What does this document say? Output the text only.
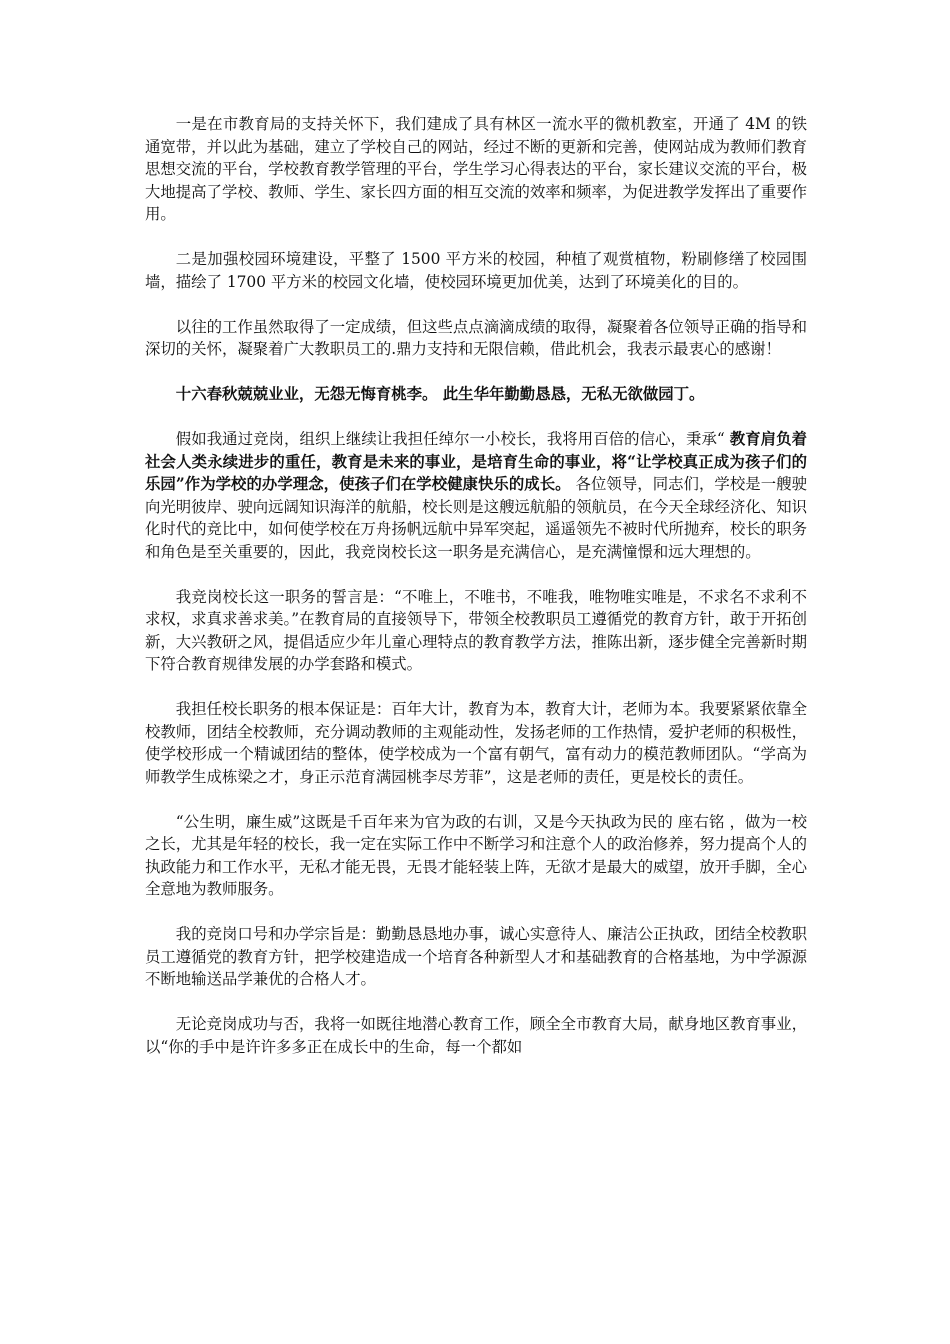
一是在市教育局的支持关怀下，我们建成了具有林区一流水平的微机教室，开通了 4M 的铁通宽带，并以此为基础，建立了学校自己的网站，经过不断的更新和完善，使网站成为教师们教育思想交流的平台，学校教育教学管理的平台，学生学习心得表达的平台，家长建议交流的平台，极大地提高了学校、教师、学生、家长四方面的相互交流的效率和频率，为促进教学发挥出了重要作用。

二是加强校园环境建设，平整了 1500 平方米的校园，种植了观赏植物，粉刷修缮了校园围墙，描绘了 1700 平方米的校园文化墙，使校园环境更加优美，达到了环境美化的目的。

以往的工作虽然取得了一定成绩，但这些点点滴滴成绩的取得，凝聚着各位领导正确的指导和深切的关怀，凝聚着广大教职员工的.鼎力支持和无限信赖，借此机会，我表示最衷心的感谢！

十六春秋兢兢业业，无怨无悔育桃李。 此生华年勤勤恳恳，无私无欲做园丁。

假如我通过竞岗，组织上继续让我担任绰尔一小校长，我将用百倍的信心，秉承“ 教育肩负着社会人类永续进步的重任，教育是未来的事业，是培育生命的事业，将“让学校真正成为孩子们的乐园”作为学校的办学理念，使孩子们在学校健康快乐的成长。 各位领导，同志们，学校是一艘驶向光明彼岸、驶向远阔知识海洋的航船，校长则是这艘远航船的领航员，在今天全球经济化、知识化时代的竞比中，如何使学校在万舟扬帆远航中异军突起，遥遥领先不被时代所抛弃，校长的职务和角色是至关重要的，因此，我竞岗校长这一职务是充满信心，是充满憧憬和远大理想的。

我竞岗校长这一职务的誓言是：“不唯上，不唯书，不唯我，唯物唯实唯是，不求名不求利不求权，求真求善求美。”在教育局的直接领导下，带领全校教职员工遵循党的教育方针，敢于开拓创新，大兴教研之风，提倡适应少年儿童心理特点的教育教学方法，推陈出新，逐步健全完善新时期下符合教育规律发展的办学套路和模式。

我担任校长职务的根本保证是：百年大计，教育为本，教育大计，老师为本。我要紧紧依靠全校教师，团结全校教师，充分调动教师的主观能动性，发扬老师的工作热情，爱护老师的积极性，使学校形成一个精诚团结的整体，使学校成为一个富有朝气，富有动力的模范教师团队。“学高为师教学生成栋梁之才，身正示范育满园桃李尽芳菲”，这是老师的责任，更是校长的责任。

“公生明，廉生威”这既是千百年来为官为政的右训，又是今天执政为民的 座右铭 ，做为一校之长，尤其是年轻的校长，我一定在实际工作中不断学习和注意个人的政治修养，努力提高个人的执政能力和工作水平，无私才能无畏，无畏才能轻装上阵，无欲才是最大的威望，放开手脚，全心全意地为教师服务。

我的竞岗口号和办学宗旨是：勤勤恳恳地办事，诚心实意待人、廉洁公正执政，团结全校教职员工遵循党的教育方针，把学校建造成一个培育各种新型人才和基础教育的合格基地，为中学源源不断地输送品学兼优的合格人才。

无论竞岗成功与否，我将一如既往地潜心教育工作，顾全全市教育大局，献身地区教育事业，以“你的手中是许许多多正在成长中的生命，每一个都如
